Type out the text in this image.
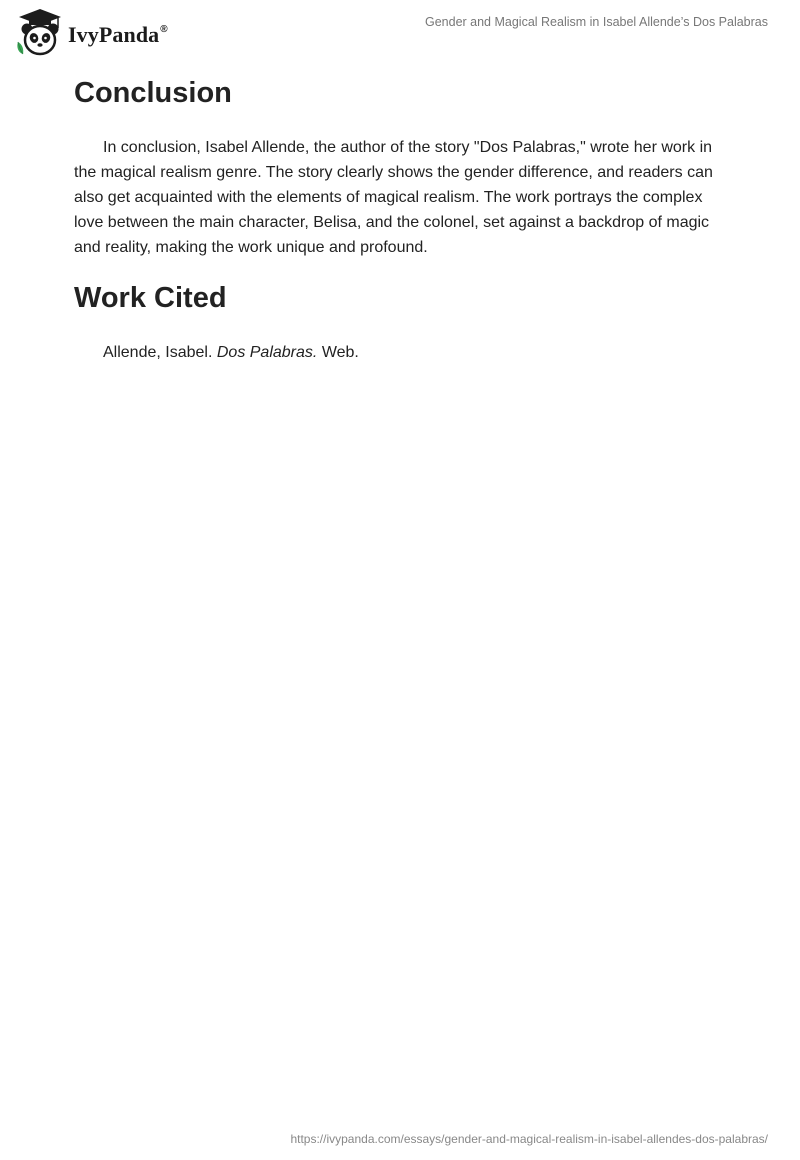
IvyPanda®
Gender and Magical Realism in Isabel Allende’s Dos Palabras
Conclusion

In conclusion, Isabel Allende, the author of the story "Dos Palabras," wrote her work in the magical realism genre. The story clearly shows the gender difference, and readers can also get acquainted with the elements of magical realism. The work portrays the complex love between the main character, Belisa, and the colonel, set against a backdrop of magic and reality, making the work unique and profound.

Work Cited

Allende, Isabel. Dos Palabras. Web.

https://ivypanda.com/essays/gender-and-magical-realism-in-isabel-allendes-dos-palabras/
